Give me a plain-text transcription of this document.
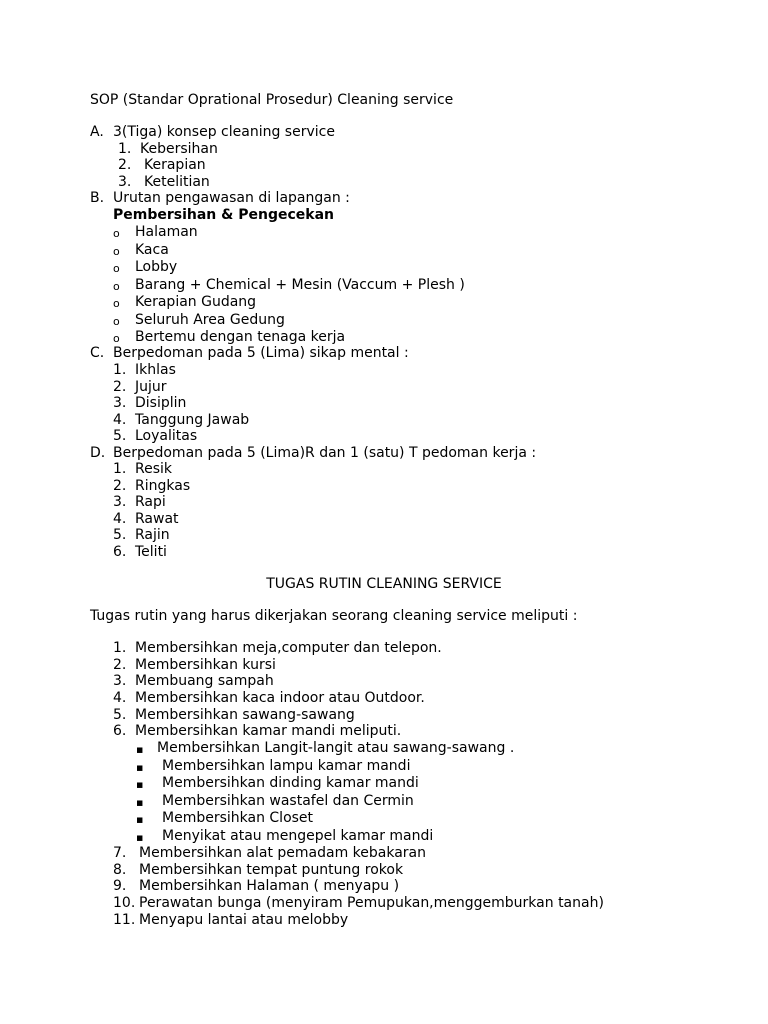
SOP (Standar Oprational Prosedur) Cleaning service
A. 3(Tiga) konsep cleaning service
1. Kebersihan
2. Kerapian
3. Ketelitian
B. Urutan pengawasan di lapangan :
Pembersihan & Pengecekan
o Halaman
o Kaca
o Lobby
o Barang + Chemical + Mesin (Vaccum + Plesh )
o Kerapian Gudang
o Seluruh Area Gedung
o Bertemu dengan tenaga kerja
C. Berpedoman pada 5 (Lima) sikap mental :
1. Ikhlas
2. Jujur
3. Disiplin
4. Tanggung Jawab
5. Loyalitas
D. Berpedoman pada 5 (Lima)R dan 1 (satu) T pedoman kerja :
1. Resik
2. Ringkas
3. Rapi
4. Rawat
5. Rajin
6. Teliti
TUGAS RUTIN CLEANING SERVICE
Tugas rutin yang harus dikerjakan seorang cleaning service meliputi :
1. Membersihkan meja,computer dan telepon.
2. Membersihkan kursi
3. Membuang sampah
4. Membersihkan kaca indoor atau Outdoor.
5. Membersihkan sawang-sawang
6. Membersihkan kamar mandi meliputi.
▪ Membersihkan Langit-langit atau sawang-sawang .
▪ Membersihkan lampu kamar mandi
▪ Membersihkan dinding kamar mandi
▪ Membersihkan wastafel dan Cermin
▪ Membersihkan Closet
▪ Menyikat atau mengepel kamar mandi
7. Membersihkan alat pemadam kebakaran
8. Membersihkan tempat puntung rokok
9. Membersihkan Halaman ( menyapu )
10. Perawatan bunga (menyiram Pemupukan,menggemburkan tanah)
11. Menyapu lantai atau melobby
